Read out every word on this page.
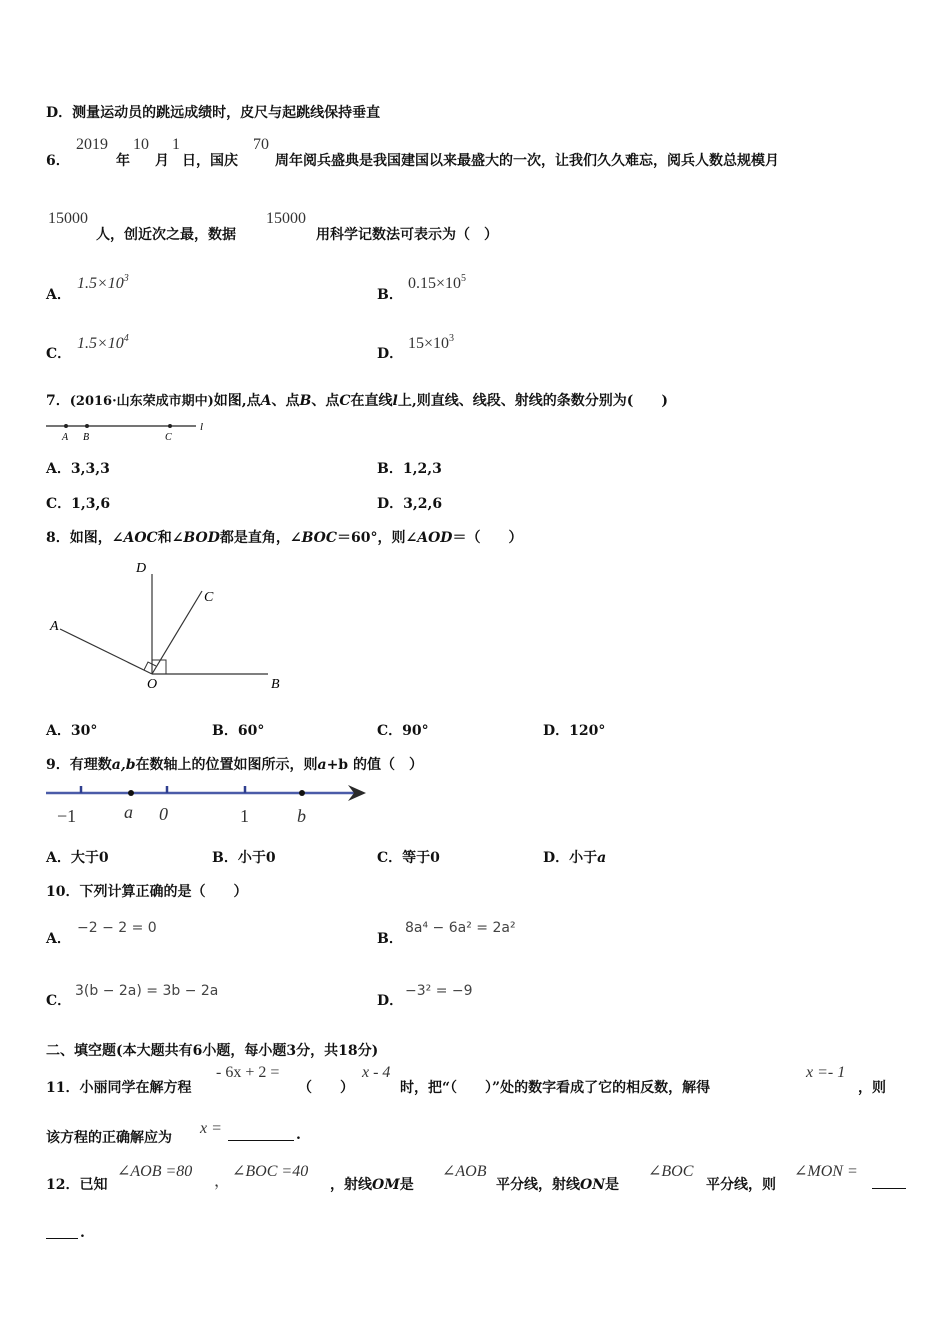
D．测量运动员的跳远成绩时，皮尺与起跳线保持垂直
6．
2019
年
10
月
1
日，国庆
70
周年阅兵盛典是我国建国以来最盛大的一次，让我们久久难忘，阅兵人数总规模月
15000
人，创近次之最，数据
15000
用科学记数法可表示为（　）
A．
$1.5\times 10^3$
B．
$0.15\times 10^5$
C．
$1.5\times 10^4$
D．
$15\times 10^3$
7．(2016·山东荣成市期中)如图,点A、点B、点C在直线l上,则直线、线段、射线的条数分别为(　　)
A B	C
l
A．3,3,3	B．1,2,3
C．1,3,6	D．3,2,6
8．如图，∠AOC和∠BOD都是直角，∠BOC＝60°，则∠AOD＝（　　）
D
C
A
O	B
A．30°	B．60°	C．90°	D．120°
9．有理数a,b在数轴上的位置如图所示，则a+b 的值（　）
−1	a 0	1	b
A．大于0	B．小于0	C．等于0	D．小于a
10．下列计算正确的是（　　）
A．
−2 − 2 = 0
B．
8a⁴ − 6a² = 2a²
C．
3(b − 2a) = 3b − 2a
D．
−3² = −9
二、填空题(本大题共有6小题，每小题3分，共18分)
11．小丽同学在解方程
- 6x + 2 =
（　　）
x - 4
时，把“（　　）”处的数字看成了它的相反数，解得
x =- 1
，则
该方程的正确解应为
x =	.
12．已知
∠AOB =80
，
∠BOC =40
，射线OM是
∠AOB
平分线，射线ON是
∠BOC
平分线，则
∠MON =
.
